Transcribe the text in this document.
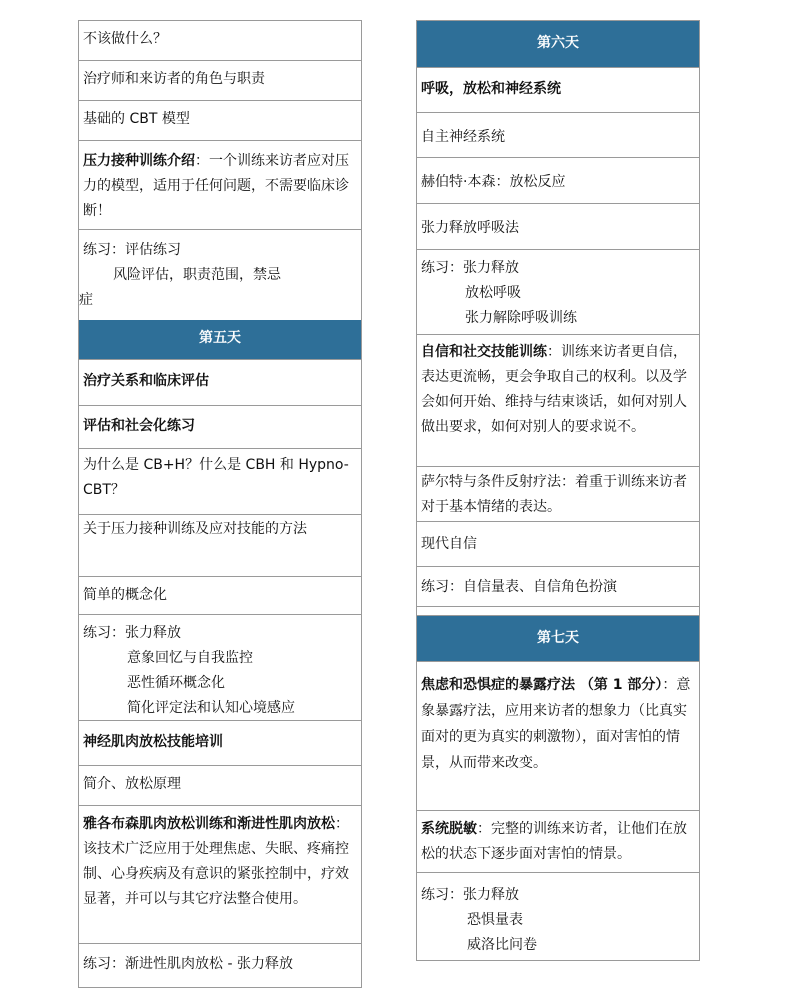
不该做什么？
治疗师和来访者的角色与职责
基础的 CBT 模型
压力接种训练介绍：一个训练来访者应对压力的模型，适用于任何问题，不需要临床诊断！
练习：评估练习
风险评估，职责范围，禁忌
症
第五天
治疗关系和临床评估
评估和社会化练习
为什么是 CB+H？什么是 CBH 和 Hypno-CBT？
关于压力接种训练及应对技能的方法
简单的概念化
练习：张力释放
意象回忆与自我监控
恶性循环概念化
简化评定法和认知心境感应
神经肌肉放松技能培训
简介、放松原理
雅各布森肌肉放松训练和渐进性肌肉放松：该技术广泛应用于处理焦虑、失眠、疼痛控制、心身疾病及有意识的紧张控制中，疗效显著，并可以与其它疗法整合使用。
练习：渐进性肌肉放松 - 张力释放
第六天
呼吸，放松和神经系统
自主神经系统
赫伯特·本森：放松反应
张力释放呼吸法
练习：张力释放
放松呼吸
张力解除呼吸训练
自信和社交技能训练：训练来访者更自信，表达更流畅，更会争取自己的权利。以及学会如何开始、维持与结束谈话，如何对别人做出要求，如何对别人的要求说不。
萨尔特与条件反射疗法：着重于训练来访者对于基本情绪的表达。
现代自信
练习：自信量表、自信角色扮演
第七天
焦虑和恐惧症的暴露疗法 （第 1 部分）：意象暴露疗法，应用来访者的想象力（比真实面对的更为真实的刺激物），面对害怕的情景，从而带来改变。
系统脱敏：完整的训练来访者，让他们在放松的状态下逐步面对害怕的情景。
练习：张力释放
恐惧量表
威洛比问卷
